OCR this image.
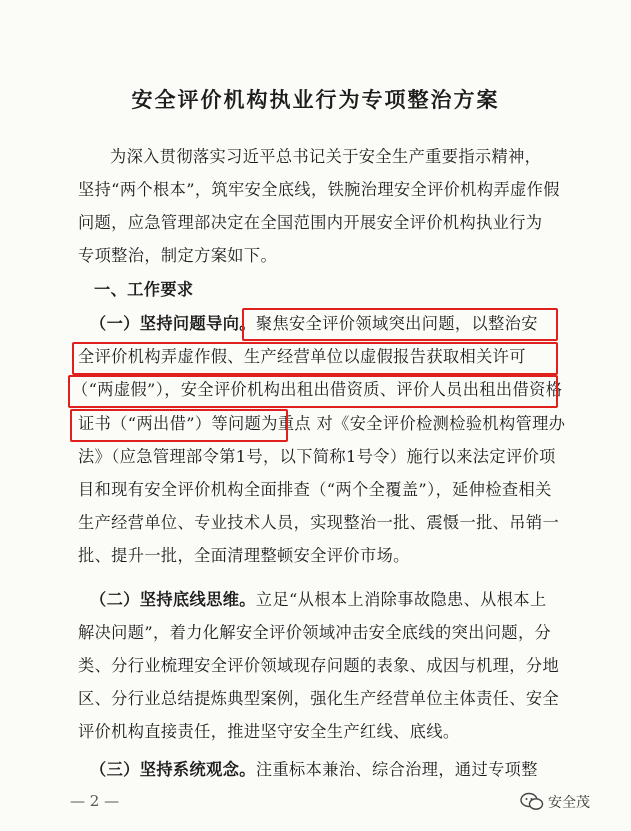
安全评价机构执业行为专项整治方案
为深入贯彻落实习近平总书记关于安全生产重要指示精神，
坚持“两个根本”，筑牢安全底线，铁腕治理安全评价机构弄虚作假
问题，应急管理部决定在全国范围内开展安全评价机构执业行为
专项整治，制定方案如下。
一、工作要求
（一）坚持问题导向。聚焦安全评价领域突出问题，以整治安
全评价机构弄虚作假、生产经营单位以虚假报告获取相关许可
（“两虚假”），安全评价机构出租出借资质、评价人员出租出借资格
证书（“两出借”）等问题为重点 对《安全评价检测检验机构管理办
法》（应急管理部令第1号，以下简称1号令）施行以来法定评价项
目和现有安全评价机构全面排查（“两个全覆盖”），延伸检查相关
生产经营单位、专业技术人员，实现整治一批、震慑一批、吊销一
批、提升一批，全面清理整顿安全评价市场。
（二）坚持底线思维。立足“从根本上消除事故隐患、从根本上
解决问题”，着力化解安全评价领域冲击安全底线的突出问题，分
类、分行业梳理安全评价领域现存问题的表象、成因与机理，分地
区、分行业总结提炼典型案例，强化生产经营单位主体责任、安全
评价机构直接责任，推进坚守安全生产红线、底线。
（三）坚持系统观念。注重标本兼治、综合治理，通过专项整
— 2 —	安全茂
